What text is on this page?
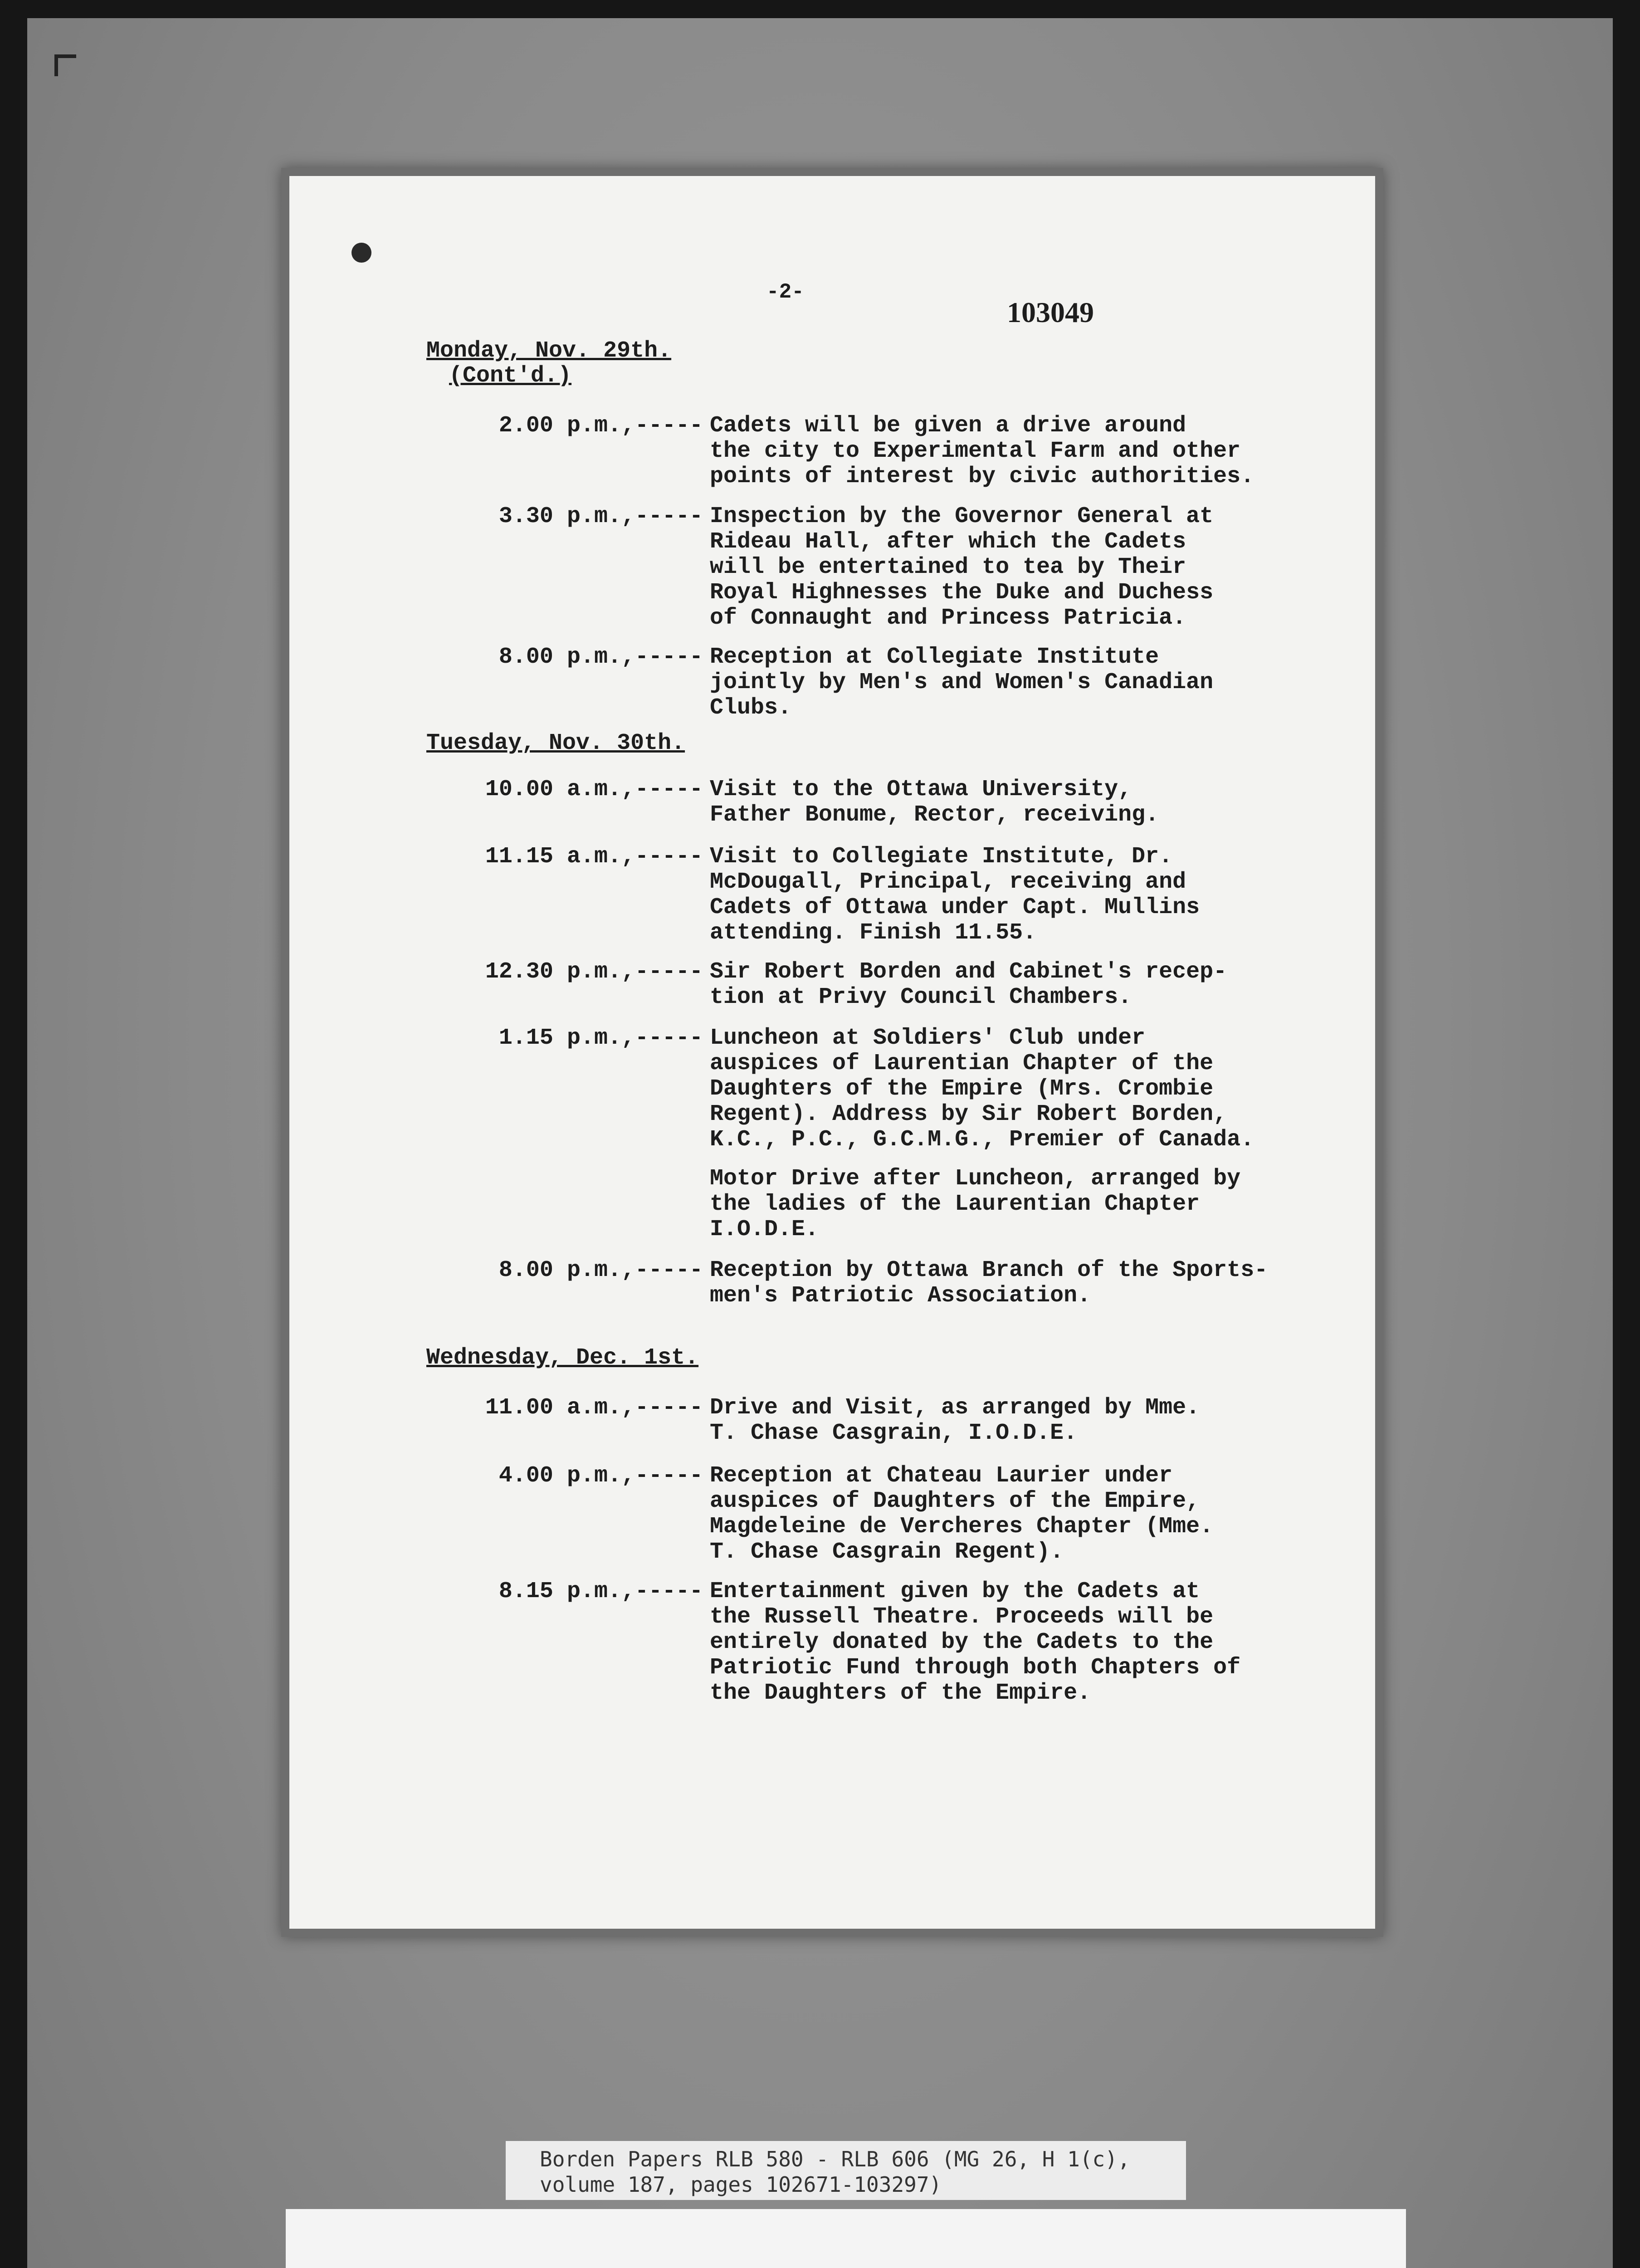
-2-
103049
Monday, Nov. 29th.
(Cont'd.)
2.00 p.m.,----- Cadets will be given a drive around
the city to Experimental Farm and other
points of interest by civic authorities.
3.30 p.m.,----- Inspection by the Governor General at
Rideau Hall, after which the Cadets
will be entertained to tea by Their
Royal Highnesses the Duke and Duchess
of Connaught and Princess Patricia.
8.00 p.m.,----- Reception at Collegiate Institute
jointly by Men's and Women's Canadian
Clubs.
Tuesday, Nov. 30th.
10.00 a.m.,----- Visit to the Ottawa University,
Father Bonume, Rector, receiving.
11.15 a.m.,----- Visit to Collegiate Institute, Dr.
McDougall, Principal, receiving and
Cadets of Ottawa under Capt. Mullins
attending. Finish 11.55.
12.30 p.m.,----- Sir Robert Borden and Cabinet's recep-
tion at Privy Council Chambers.
1.15 p.m.,----- Luncheon at Soldiers' Club under
auspices of Laurentian Chapter of the
Daughters of the Empire (Mrs. Crombie
Regent). Address by Sir Robert Borden,
K.C., P.C., G.C.M.G., Premier of Canada.
Motor Drive after Luncheon, arranged by
the ladies of the Laurentian Chapter
I.O.D.E.
8.00 p.m.,----- Reception by Ottawa Branch of the Sports-
men's Patriotic Association.
Wednesday, Dec. 1st.
11.00 a.m.,----- Drive and Visit, as arranged by Mme.
T. Chase Casgrain, I.O.D.E.
4.00 p.m.,----- Reception at Chateau Laurier under
auspices of Daughters of the Empire,
Magdeleine de Vercheres Chapter (Mme.
T. Chase Casgrain Regent).
8.15 p.m.,----- Entertainment given by the Cadets at
the Russell Theatre. Proceeds will be
entirely donated by the Cadets to the
Patriotic Fund through both Chapters of
the Daughters of the Empire.
Borden Papers RLB 580 - RLB 606 (MG 26, H 1(c),
volume 187, pages 102671-103297)
